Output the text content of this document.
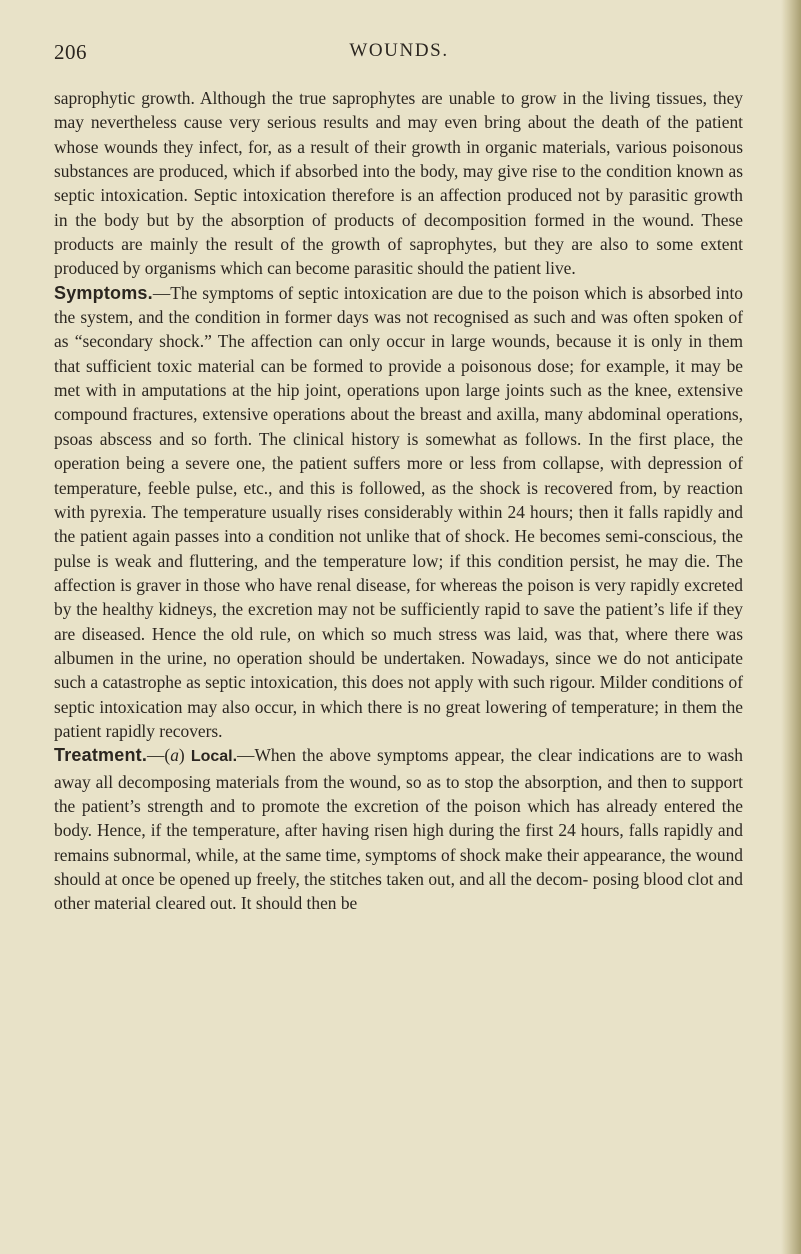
206	WOUNDS.

saprophytic growth. Although the true saprophytes are unable to grow in the living tissues, they may nevertheless cause very serious results and may even bring about the death of the patient whose wounds they infect, for, as a result of their growth in organic materials, various poisonous substances are produced, which if absorbed into the body, may give rise to the condition known as septic intoxication. Septic intoxication therefore is an affection produced not by parasitic growth in the body but by the absorption of products of decomposition formed in the wound. These products are mainly the result of the growth of saprophytes, but they are also to some extent produced by organisms which can become parasitic should the patient live.

Symptoms.—The symptoms of septic intoxication are due to the poison which is absorbed into the system, and the condition in former days was not recognised as such and was often spoken of as “secondary shock.” The affection can only occur in large wounds, because it is only in them that sufficient toxic material can be formed to provide a poisonous dose; for example, it may be met with in amputations at the hip joint, operations upon large joints such as the knee, extensive compound fractures, extensive operations about the breast and axilla, many abdominal operations, psoas abscess and so forth. The clinical history is somewhat as follows. In the first place, the operation being a severe one, the patient suffers more or less from collapse, with depression of temperature, feeble pulse, etc., and this is followed, as the shock is recovered from, by reaction with pyrexia. The temperature usually rises considerably within 24 hours; then it falls rapidly and the patient again passes into a condition not unlike that of shock. He becomes semi-conscious, the pulse is weak and fluttering, and the temperature low; if this condition persist, he may die. The affection is graver in those who have renal disease, for whereas the poison is very rapidly excreted by the healthy kidneys, the excretion may not be sufficiently rapid to save the patient’s life if they are diseased. Hence the old rule, on which so much stress was laid, was that, where there was albumen in the urine, no operation should be undertaken. Nowadays, since we do not anticipate such a catastrophe as septic intoxication, this does not apply with such rigour. Milder conditions of septic intoxication may also occur, in which there is no great lowering of temperature; in them the patient rapidly recovers.

Treatment.—(a) Local.—When the above symptoms appear, the clear indications are to wash away all decomposing materials from the wound, so as to stop the absorption, and then to support the patient’s strength and to promote the excretion of the poison which has already entered the body. Hence, if the temperature, after having risen high during the first 24 hours, falls rapidly and remains subnormal, while, at the same time, symptoms of shock make their appearance, the wound should at once be opened up freely, the stitches taken out, and all the decom- posing blood clot and other material cleared out. It should then be
